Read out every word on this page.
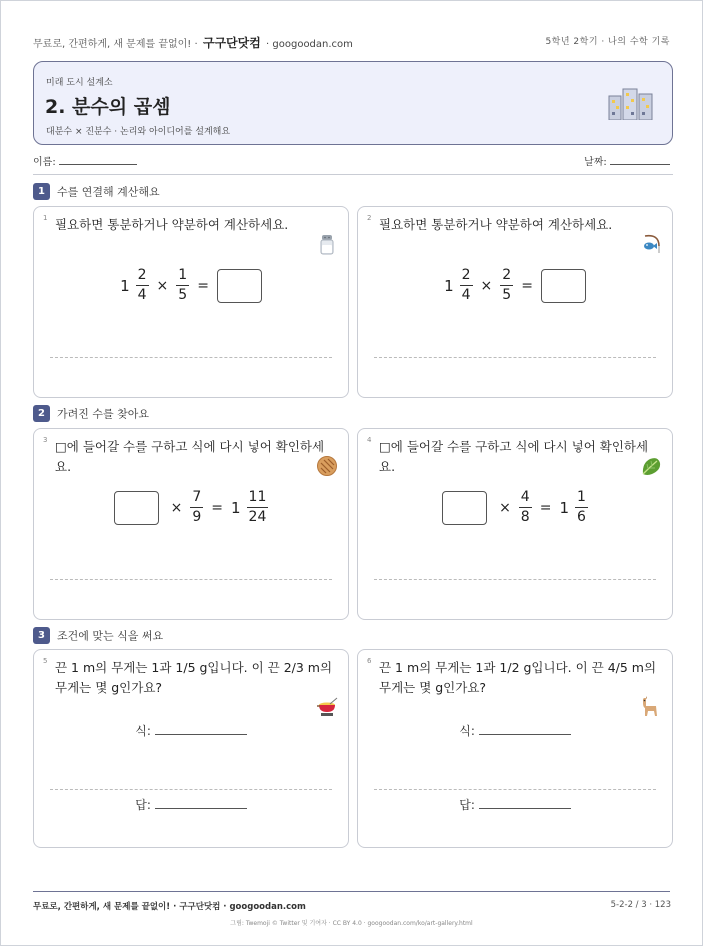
무료로, 간편하게, 새 문제를 끝없이! · 구구단닷컴 · googoodan.com	5학년 2학기 · 나의 수학 기록
미래 도시 설계소
2. 분수의 곱셈
대분수 × 진분수 · 논리와 아이디어를 설계해요
이름:	날짜:
1 수를 연결해 계산해요
1 필요하면 통분하거나 약분하여 계산하세요.
$1 \frac{2}{4} \times \frac{1}{5}$ =
2 필요하면 통분하거나 약분하여 계산하세요.
$1 \frac{2}{4} \times \frac{2}{5}$ =
2 가려진 수를 찾아요
3 □에 들어갈 수를 구하고 식에 다시 넣어 확인하세요.
× $\frac{7}{9} = 1 \frac{11}{24}$
4 □에 들어갈 수를 구하고 식에 다시 넣어 확인하세요.
× $\frac{4}{8} = 1 \frac{1}{6}$
3 조건에 맞는 식을 써요
5 끈 1 m의 무게는 1과 1/5 g입니다. 이 끈 2/3 m의 무게는 몇 g인가요?
식:
답:
6 끈 1 m의 무게는 1과 1/2 g입니다. 이 끈 4/5 m의 무게는 몇 g인가요?
식:
답:
무료로, 간편하게, 새 문제를 끝없이! · 구구단닷컴 · googoodan.com	5-2-2 / 3 · 123
그림: Twemoji © Twitter 및 기여자 · CC BY 4.0 · googoodan.com/ko/art-gallery.html
